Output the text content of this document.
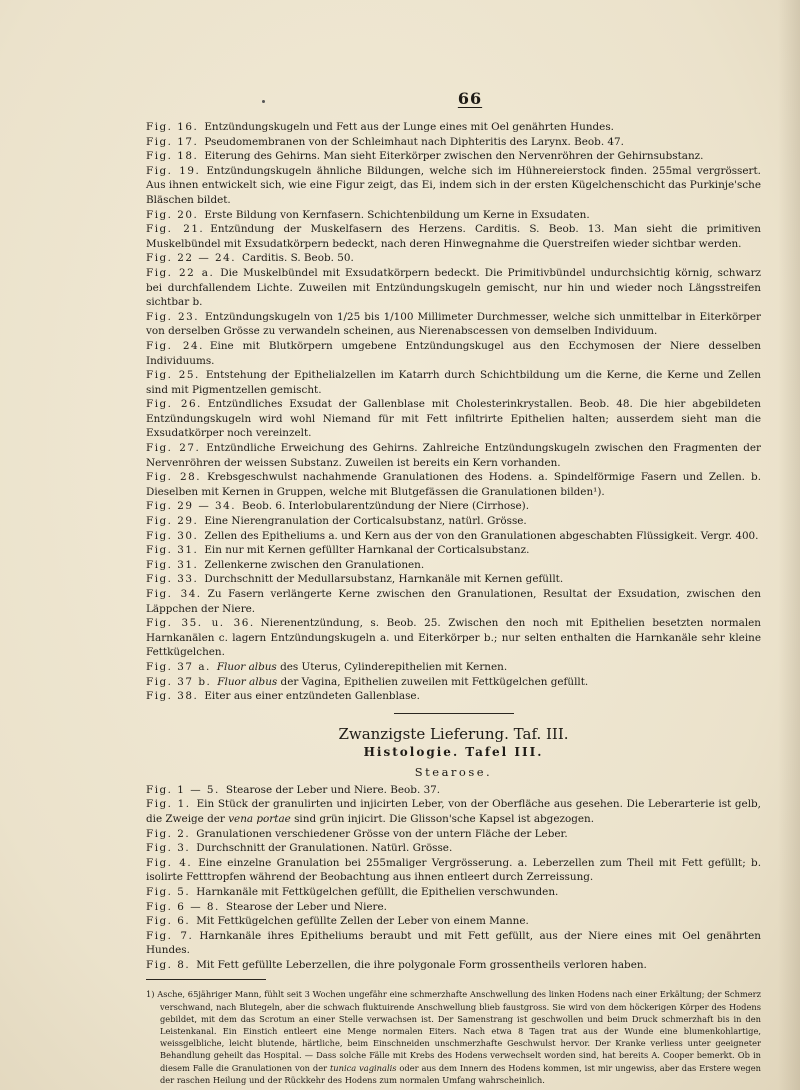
66

Fig. 16. Entzündungskugeln und Fett aus der Lunge eines mit Oel genährten Hundes.

Fig. 17. Pseudomembranen von der Schleimhaut nach Diphteritis des Larynx. Beob. 47.

Fig. 18. Eiterung des Gehirns. Man sieht Eiterkörper zwischen den Nervenröhren der Gehirnsubstanz.

Fig. 19. Entzündungskugeln ähnliche Bildungen, welche sich im Hühnereierstock finden. 255mal vergrössert. Aus ihnen entwickelt sich, wie eine Figur zeigt, das Ei, indem sich in der ersten Kügelchenschicht das Purkinje'sche Bläschen bildet.

Fig. 20. Erste Bildung von Kernfasern. Schichtenbildung um Kerne in Exsudaten.

Fig. 21. Entzündung der Muskelfasern des Herzens. Carditis. S. Beob. 13. Man sieht die primitiven Muskelbündel mit Exsudatkörpern bedeckt, nach deren Hinwegnahme die Querstreifen wieder sichtbar werden.

Fig. 22 — 24. Carditis. S. Beob. 50.

Fig. 22 a. Die Muskelbündel mit Exsudatkörpern bedeckt. Die Primitivbündel undurchsichtig körnig, schwarz bei durchfallendem Lichte. Zuweilen mit Entzündungskugeln gemischt, nur hin und wieder noch Längsstreifen sichtbar b.

Fig. 23. Entzündungskugeln von 1/25 bis 1/100 Millimeter Durchmesser, welche sich unmittelbar in Eiterkörper von derselben Grösse zu verwandeln scheinen, aus Nierenabscessen von demselben Individuum.

Fig. 24. Eine mit Blutkörpern umgebene Entzündungskugel aus den Ecchymosen der Niere desselben Individuums.

Fig. 25. Entstehung der Epithelialzellen im Katarrh durch Schichtbildung um die Kerne, die Kerne und Zellen sind mit Pigmentzellen gemischt.

Fig. 26. Entzündliches Exsudat der Gallenblase mit Cholesterinkrystallen. Beob. 48. Die hier abgebildeten Entzündungskugeln wird wohl Niemand für mit Fett infiltrirte Epithelien halten; ausserdem sieht man die Exsudatkörper noch vereinzelt.

Fig. 27. Entzündliche Erweichung des Gehirns. Zahlreiche Entzündungskugeln zwischen den Fragmenten der Nervenröhren der weissen Substanz. Zuweilen ist bereits ein Kern vorhanden.

Fig. 28. Krebsgeschwulst nachahmende Granulationen des Hodens. a. Spindelförmige Fasern und Zellen. b. Dieselben mit Kernen in Gruppen, welche mit Blutgefässen die Granulationen bilden¹).

Fig. 29 — 34. Beob. 6. Interlobularentzündung der Niere (Cirrhose).

Fig. 29. Eine Nierengranulation der Corticalsubstanz, natürl. Grösse.

Fig. 30. Zellen des Epitheliums a. und Kern aus der von den Granulationen abgeschabten Flüssigkeit. Vergr. 400.

Fig. 31. Ein nur mit Kernen gefüllter Harnkanal der Corticalsubstanz.

Fig. 31. Zellenkerne zwischen den Granulationen.

Fig. 33. Durchschnitt der Medullarsubstanz, Harnkanäle mit Kernen gefüllt.

Fig. 34. Zu Fasern verlängerte Kerne zwischen den Granulationen, Resultat der Exsudation, zwischen den Läppchen der Niere.

Fig. 35. u. 36. Nierenentzündung, s. Beob. 25. Zwischen den noch mit Epithelien besetzten normalen Harnkanälen c. lagern Entzündungskugeln a. und Eiterkörper b.; nur selten enthalten die Harnkanäle sehr kleine Fettkügelchen.

Fig. 37 a. Fluor albus des Uterus, Cylinderepithelien mit Kernen.

Fig. 37 b. Fluor albus der Vagina, Epithelien zuweilen mit Fettkügelchen gefüllt.

Fig. 38. Eiter aus einer entzündeten Gallenblase.

Zwanzigste Lieferung. Taf. III.

Histologie. Tafel III.

Stearose.

Fig. 1 — 5. Stearose der Leber und Niere. Beob. 37.

Fig. 1. Ein Stück der granulirten und injicirten Leber, von der Oberfläche aus gesehen. Die Leberarterie ist gelb, die Zweige der vena portae sind grün injicirt. Die Glisson'sche Kapsel ist abgezogen.

Fig. 2. Granulationen verschiedener Grösse von der untern Fläche der Leber.

Fig. 3. Durchschnitt der Granulationen. Natürl. Grösse.

Fig. 4. Eine einzelne Granulation bei 255maliger Vergrösserung. a. Leberzellen zum Theil mit Fett gefüllt; b. isolirte Fetttropfen während der Beobachtung aus ihnen entleert durch Zerreissung.

Fig. 5. Harnkanäle mit Fettkügelchen gefüllt, die Epithelien verschwunden.

Fig. 6 — 8. Stearose der Leber und Niere.

Fig. 6. Mit Fettkügelchen gefüllte Zellen der Leber von einem Manne.

Fig. 7. Harnkanäle ihres Epitheliums beraubt und mit Fett gefüllt, aus der Niere eines mit Oel genährten Hundes.

Fig. 8. Mit Fett gefüllte Leberzellen, die ihre polygonale Form grossentheils verloren haben.

1) Asche, 65jähriger Mann, fühlt seit 3 Wochen ungefähr eine schmerzhafte Anschwellung des linken Hodens nach einer Erkältung; der Schmerz verschwand, nach Blutegeln, aber die schwach fluktuirende Anschwellung blieb faustgross. Sie wird von dem höckerigen Körper des Hodens gebildet, mit dem das Scrotum an einer Stelle verwachsen ist. Der Samenstrang ist geschwollen und beim Druck schmerzhaft bis in den Leistenkanal. Ein Einstich entleert eine Menge normalen Eiters. Nach etwa 8 Tagen trat aus der Wunde eine blumenkohlartige, weissgelbliche, leicht blutende, härtliche, beim Einschneiden unschmerzhafte Geschwulst hervor. Der Kranke verliess unter geeigneter Behandlung geheilt das Hospital. — Dass solche Fälle mit Krebs des Hodens verwechselt worden sind, hat bereits A. Cooper bemerkt. Ob in diesem Falle die Granulationen von der tunica vaginalis oder aus dem Innern des Hodens kommen, ist mir ungewiss, aber das Erstere wegen der raschen Heilung und der Rückkehr des Hodens zum normalen Umfang wahrscheinlich.
